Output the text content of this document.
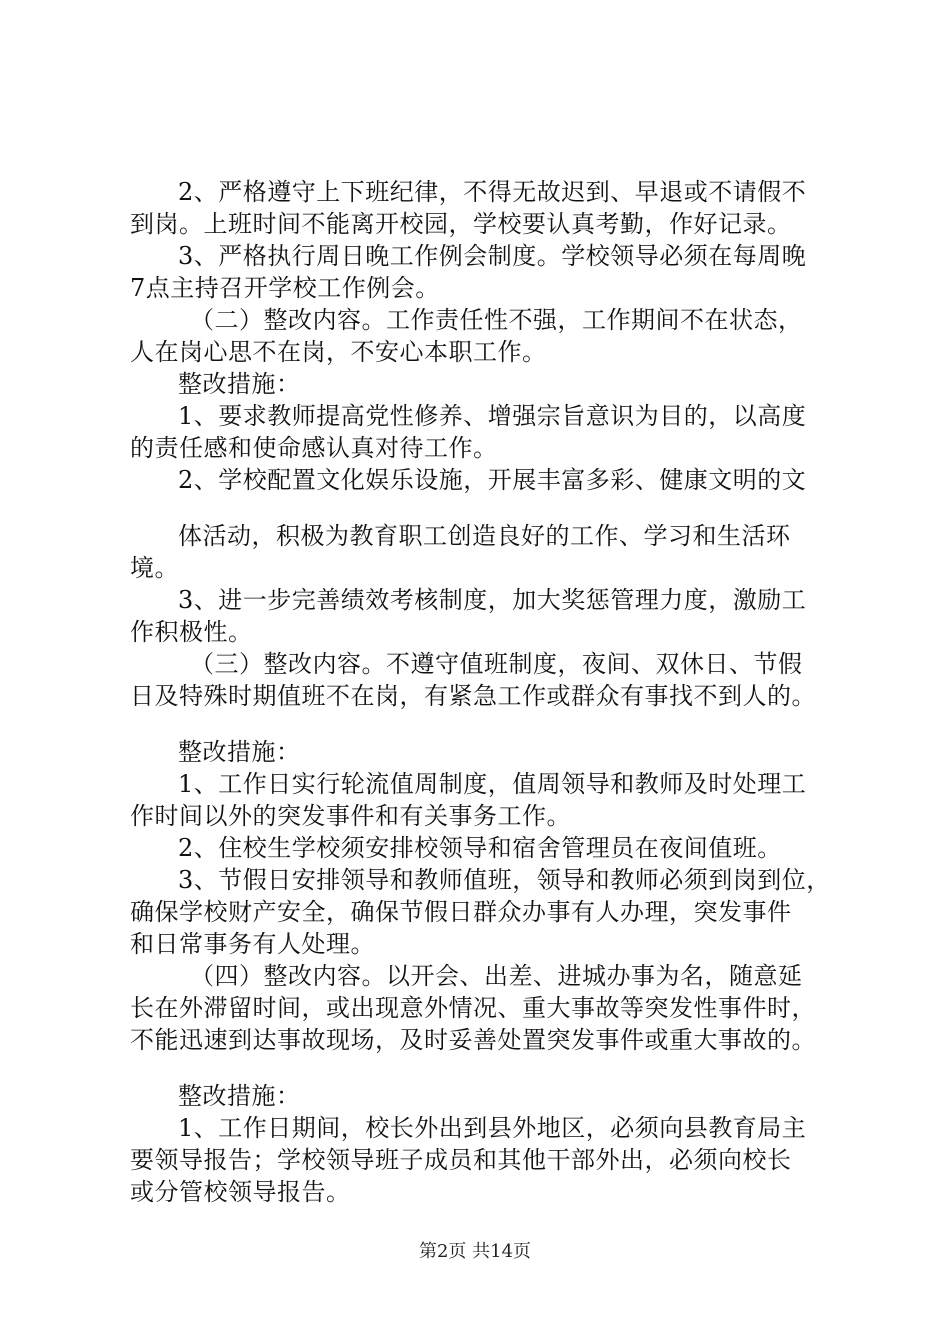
2、严格遵守上下班纪律，不得无故迟到、早退或不请假不
到岗。上班时间不能离开校园，学校要认真考勤，作好记录。
3、严格执行周日晚工作例会制度。学校领导必须在每周晚
7点主持召开学校工作例会。
（二）整改内容。工作责任性不强，工作期间不在状态，
人在岗心思不在岗，不安心本职工作。
整改措施：
1、要求教师提高党性修养、增强宗旨意识为目的，以高度
的责任感和使命感认真对待工作。
2、学校配置文化娱乐设施，开展丰富多彩、健康文明的文
体活动，积极为教育职工创造良好的工作、学习和生活环
境。
3、进一步完善绩效考核制度，加大奖惩管理力度，激励工
作积极性。
（三）整改内容。不遵守值班制度，夜间、双休日、节假
日及特殊时期值班不在岗，有紧急工作或群众有事找不到人的。
整改措施：
1、工作日实行轮流值周制度，值周领导和教师及时处理工
作时间以外的突发事件和有关事务工作。
2、住校生学校须安排校领导和宿舍管理员在夜间值班。
3、节假日安排领导和教师值班，领导和教师必须到岗到位，
确保学校财产安全，确保节假日群众办事有人办理，突发事件
和日常事务有人处理。
（四）整改内容。以开会、出差、进城办事为名，随意延
长在外滞留时间，或出现意外情况、重大事故等突发性事件时，
不能迅速到达事故现场，及时妥善处置突发事件或重大事故的。
整改措施：
1、工作日期间，校长外出到县外地区，必须向县教育局主
要领导报告；学校领导班子成员和其他干部外出，必须向校长
或分管校领导报告。
第2页 共14页
